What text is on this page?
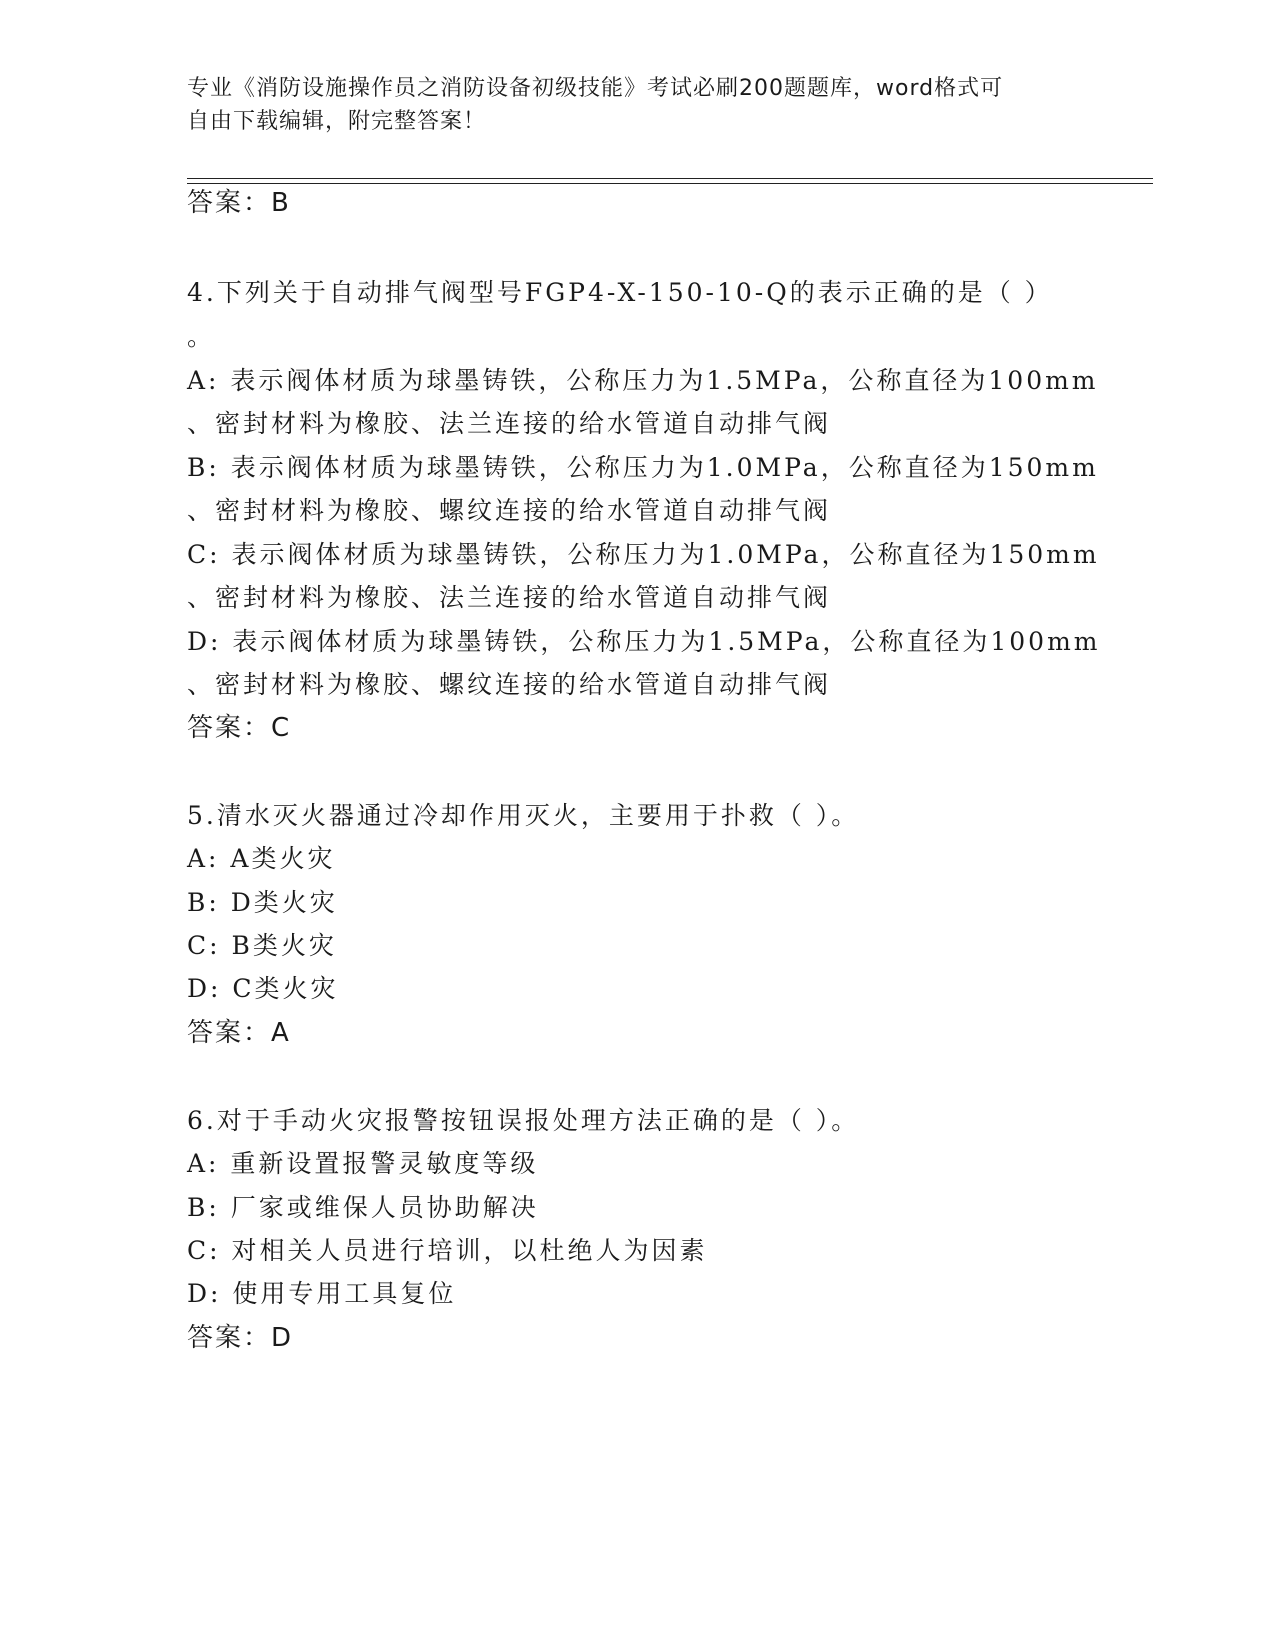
专业《消防设施操作员之消防设备初级技能》考试必刷200题题库，word格式可
自由下载编辑，附完整答案！
答案：B
4.下列关于自动排气阀型号FGP4-X-150-10-Q的表示正确的是（ ）
。
A: 表示阀体材质为球墨铸铁，公称压力为1.5MPa，公称直径为100mm
、密封材料为橡胶、法兰连接的给水管道自动排气阀
B: 表示阀体材质为球墨铸铁，公称压力为1.0MPa，公称直径为150mm
、密封材料为橡胶、螺纹连接的给水管道自动排气阀
C: 表示阀体材质为球墨铸铁，公称压力为1.0MPa，公称直径为150mm
、密封材料为橡胶、法兰连接的给水管道自动排气阀
D: 表示阀体材质为球墨铸铁，公称压力为1.5MPa，公称直径为100mm
、密封材料为橡胶、螺纹连接的给水管道自动排气阀
答案：C
5.清水灭火器通过冷却作用灭火，主要用于扑救（ ）。
A: A类火灾
B: D类火灾
C: B类火灾
D: C类火灾
答案：A
6.对于手动火灾报警按钮误报处理方法正确的是（ ）。
A: 重新设置报警灵敏度等级
B: 厂家或维保人员协助解决
C: 对相关人员进行培训，以杜绝人为因素
D: 使用专用工具复位
答案：D
